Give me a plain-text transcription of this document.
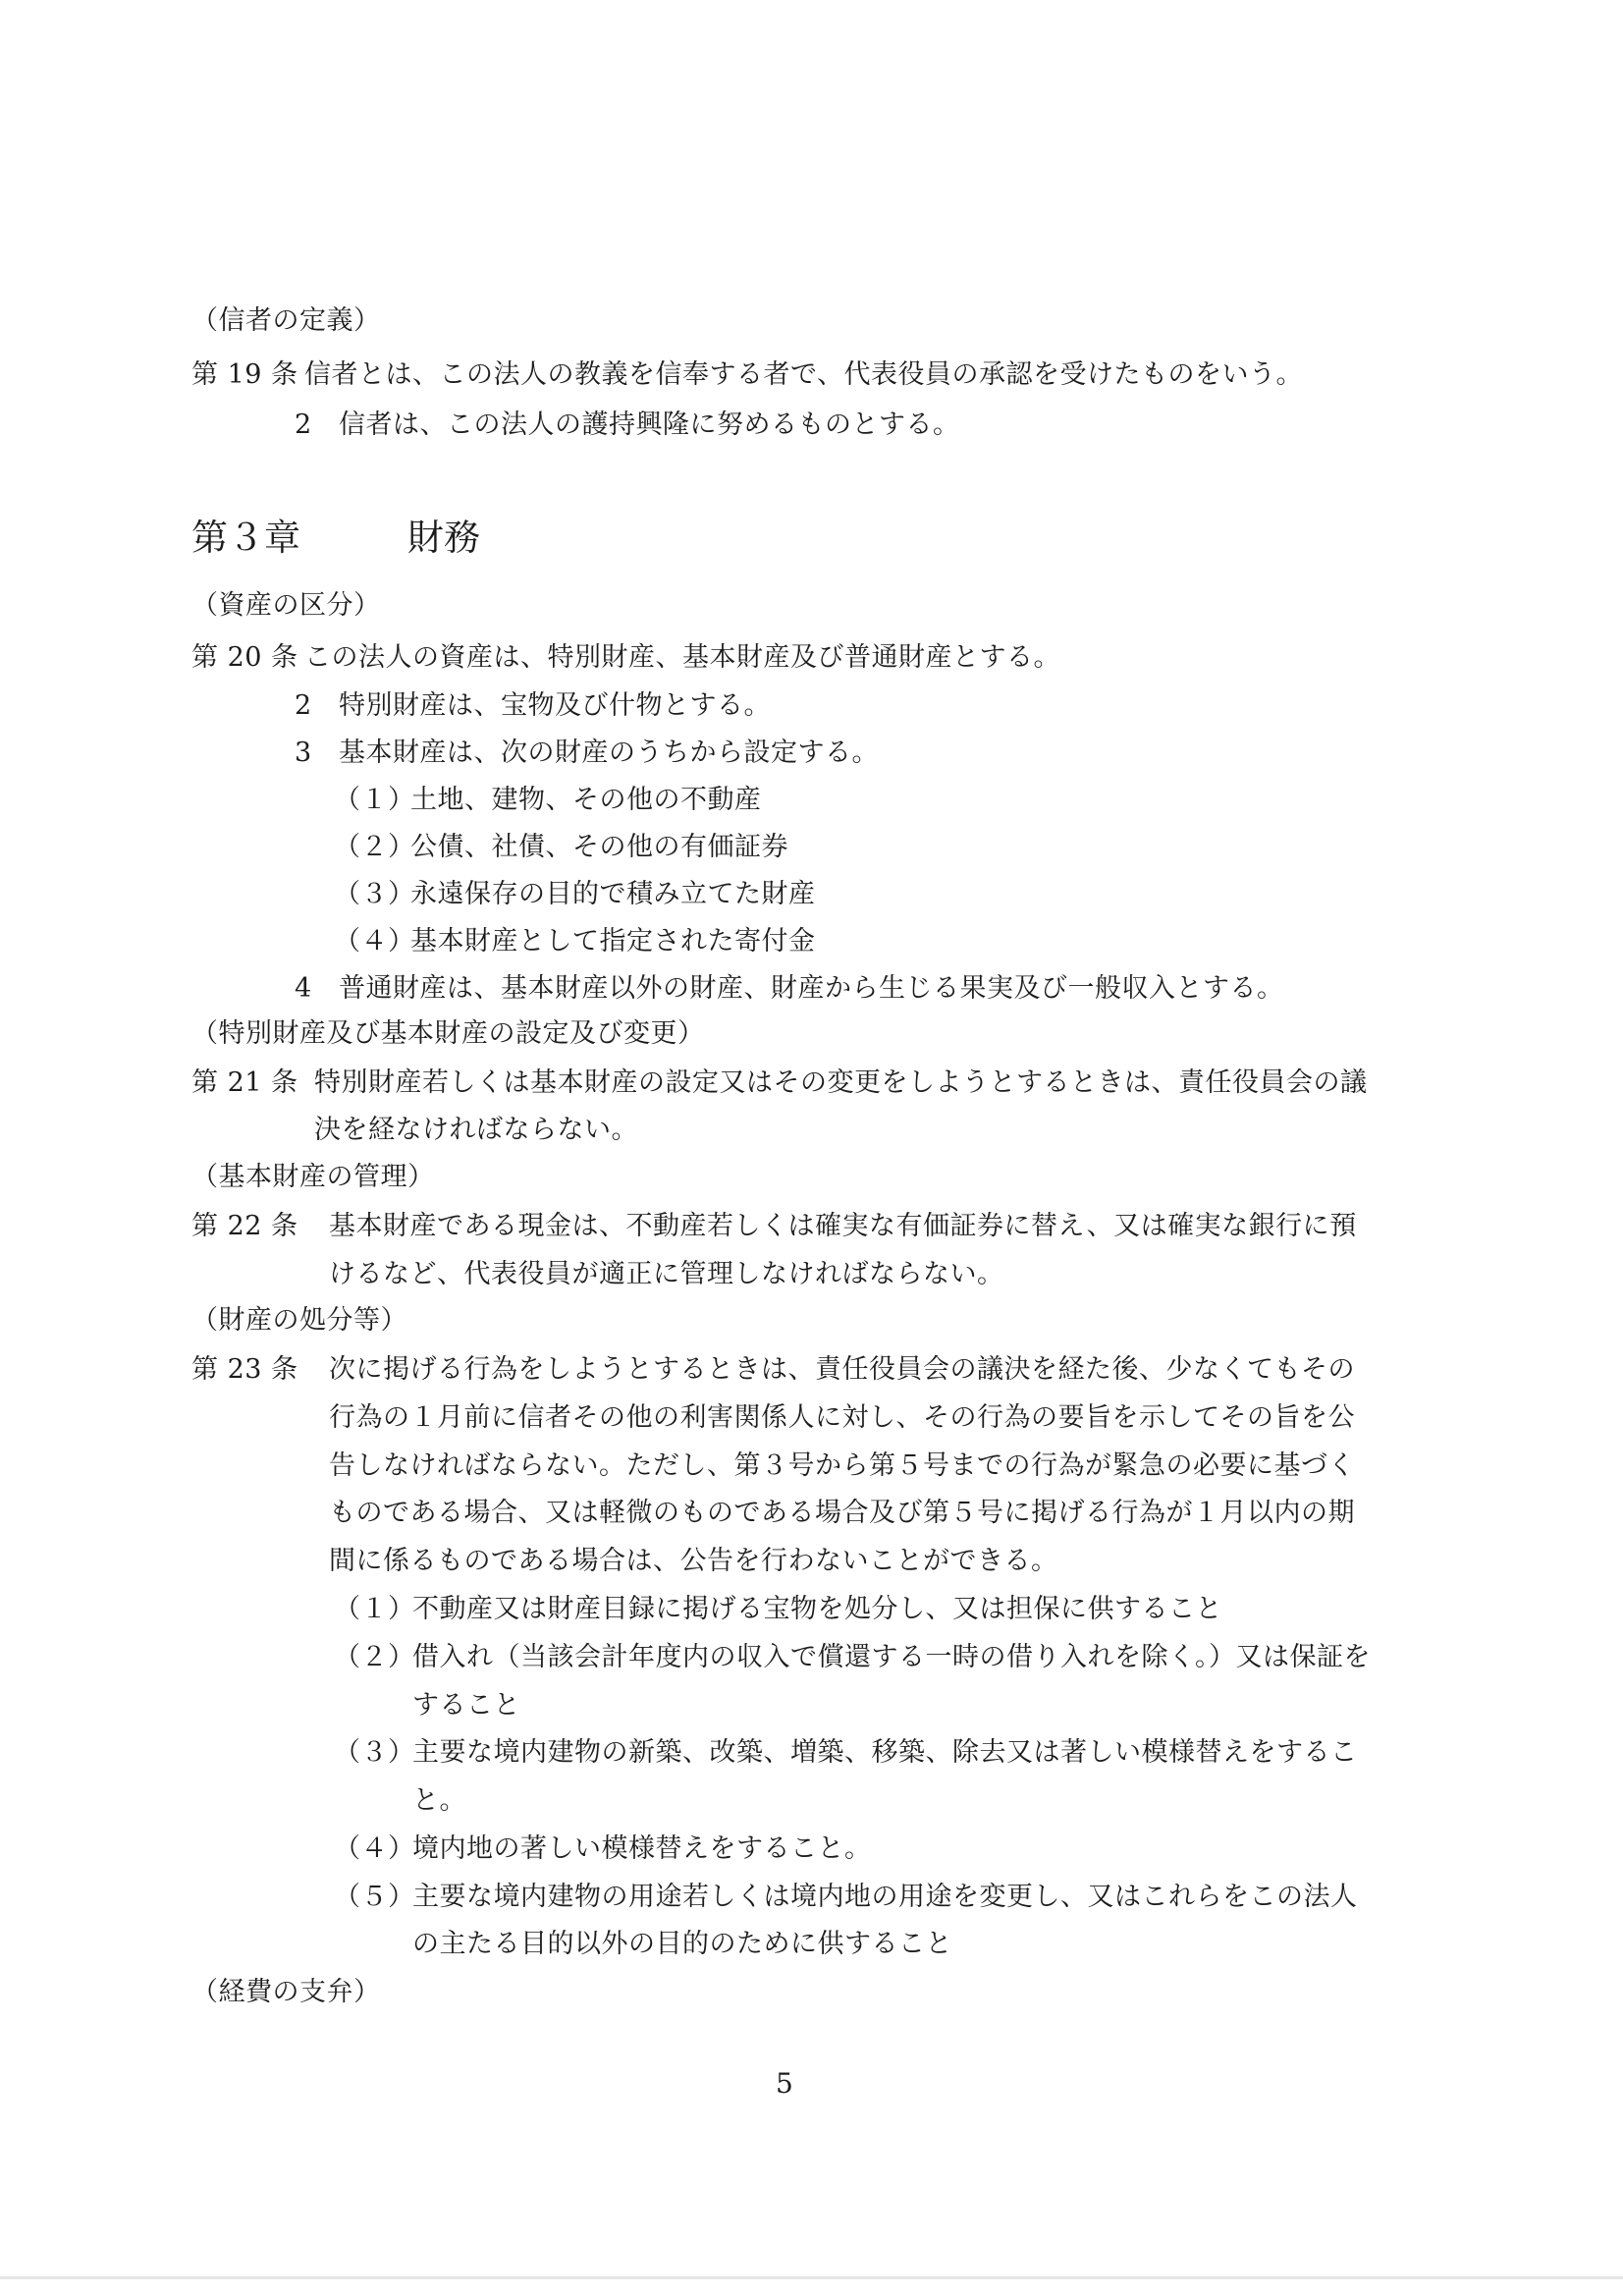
（信者の定義）
第 19 条 信者とは、この法人の教義を信奉する者で、代表役員の承認を受けたものをいう。
2 信者は、この法人の護持興隆に努めるものとする。
第３章	財務
（資産の区分）
第 20 条 この法人の資産は、特別財産、基本財産及び普通財産とする。
2 特別財産は、宝物及び什物とする。
3 基本財産は、次の財産のうちから設定する。
（１）土地、建物、その他の不動産
（２）公債、社債、その他の有価証券
（３）永遠保存の目的で積み立てた財産
（４）基本財産として指定された寄付金
4 普通財産は、基本財産以外の財産、財産から生じる果実及び一般収入とする。
（特別財産及び基本財産の設定及び変更）
第 21 条 特別財産若しくは基本財産の設定又はその変更をしようとするときは、責任役員会の議
決を経なければならない。
（基本財産の管理）
第 22 条 基本財産である現金は、不動産若しくは確実な有価証券に替え、又は確実な銀行に預
けるなど、代表役員が適正に管理しなければならない。
（財産の処分等）
第 23 条 次に掲げる行為をしようとするときは、責任役員会の議決を経た後、少なくてもその
行為の１月前に信者その他の利害関係人に対し、その行為の要旨を示してその旨を公
告しなければならない。ただし、第３号から第５号までの行為が緊急の必要に基づく
ものである場合、又は軽微のものである場合及び第５号に掲げる行為が１月以内の期
間に係るものである場合は、公告を行わないことができる。
（１）不動産又は財産目録に掲げる宝物を処分し、又は担保に供すること
（２）借入れ（当該会計年度内の収入で償還する一時の借り入れを除く。）又は保証を
すること
（３）主要な境内建物の新築、改築、増築、移築、除去又は著しい模様替えをするこ
と。
（４）境内地の著しい模様替えをすること。
（５）主要な境内建物の用途若しくは境内地の用途を変更し、又はこれらをこの法人
の主たる目的以外の目的のために供すること
（経費の支弁）
5
